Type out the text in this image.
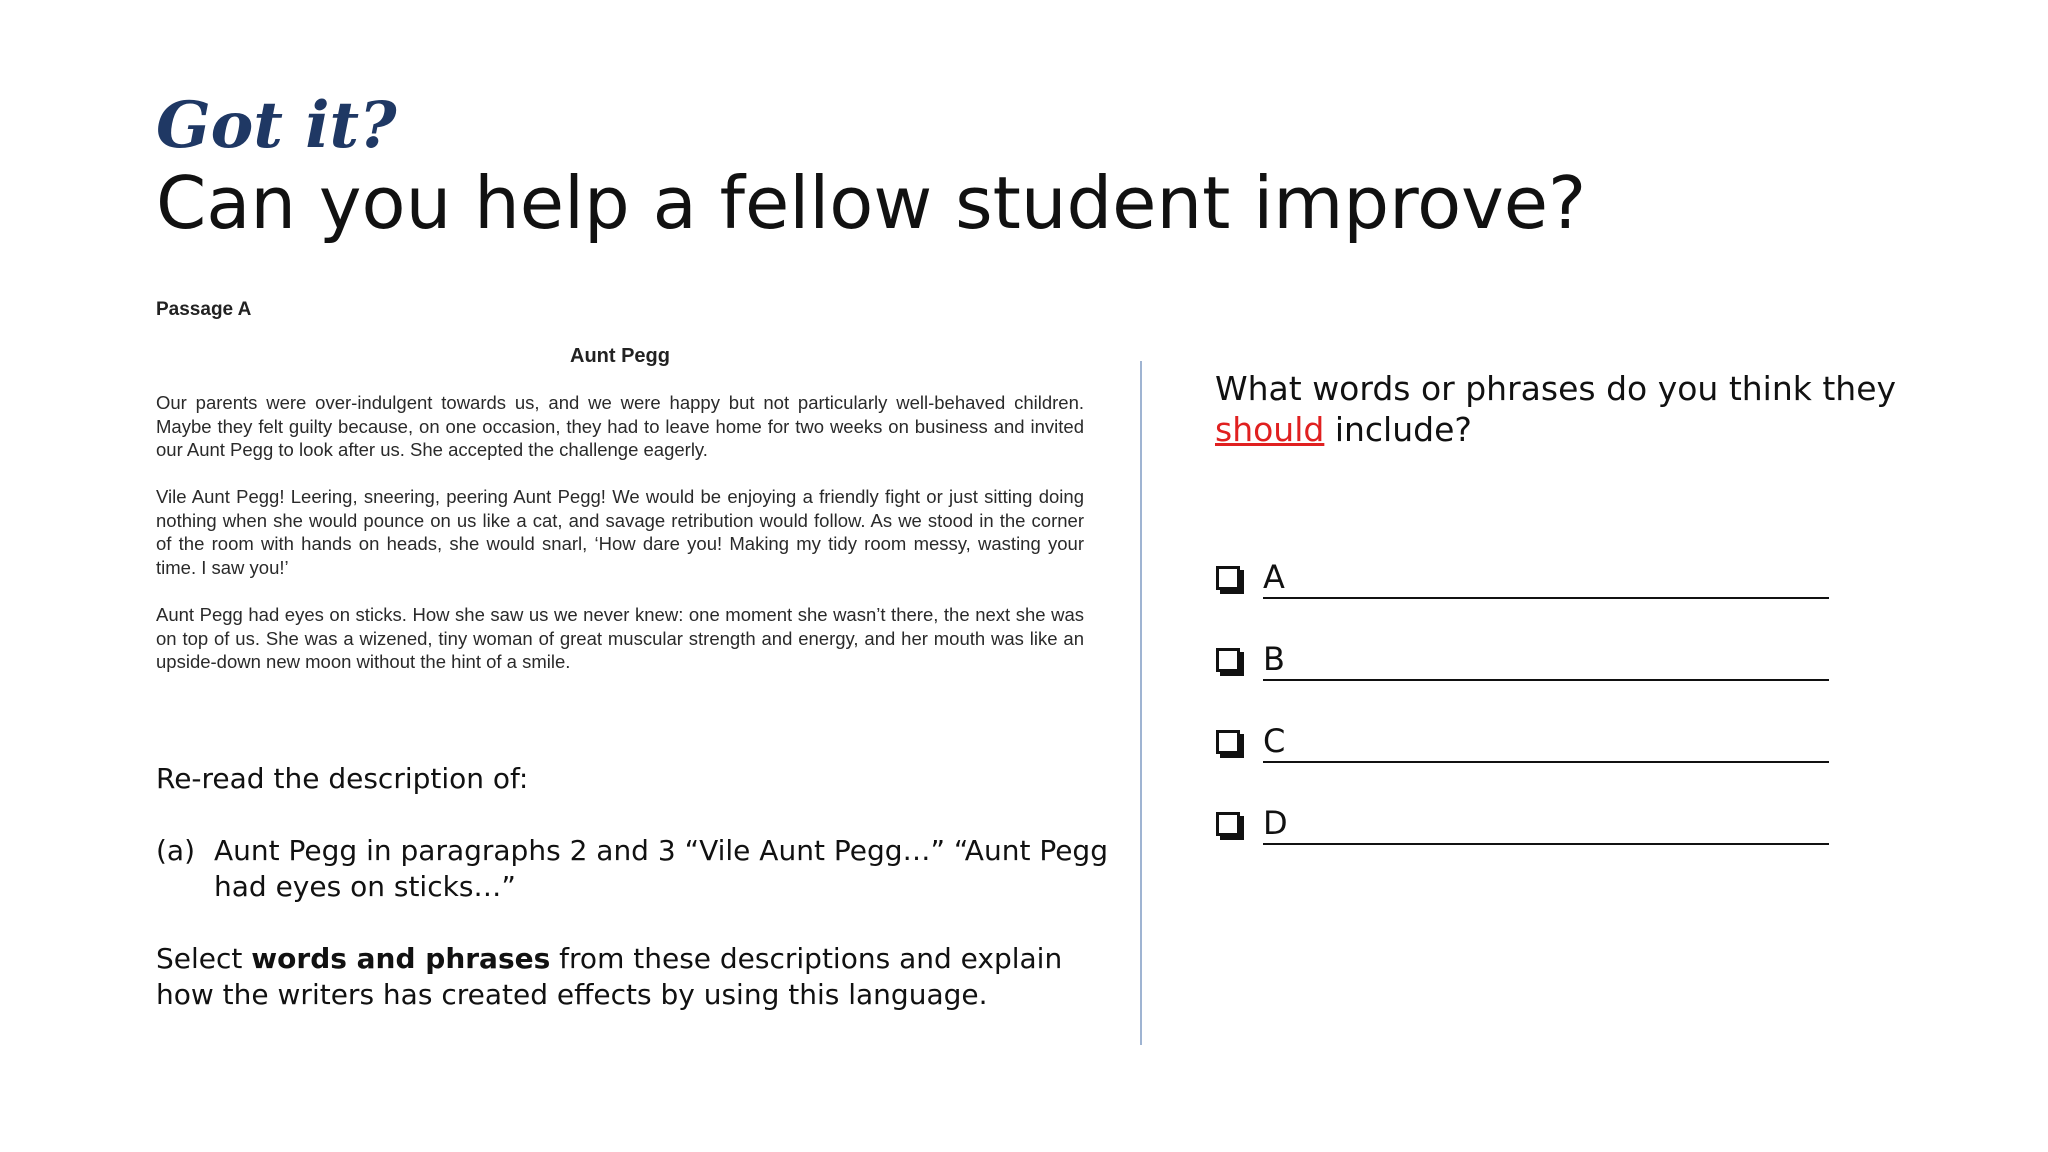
Got it?
Can you help a fellow student improve?
Passage A
Aunt Pegg

Our parents were over-indulgent towards us, and we were happy but not particularly well-behaved children. Maybe they felt guilty because, on one occasion, they had to leave home for two weeks on business and invited our Aunt Pegg to look after us. She accepted the challenge eagerly.

Vile Aunt Pegg! Leering, sneering, peering Aunt Pegg! We would be enjoying a friendly fight or just sitting doing nothing when she would pounce on us like a cat, and savage retribution would follow. As we stood in the corner of the room with hands on heads, she would snarl, ‘How dare you! Making my tidy room messy, wasting your time. I saw you!’

Aunt Pegg had eyes on sticks. How she saw us we never knew: one moment she wasn’t there, the next she was on top of us. She was a wizened, tiny woman of great muscular strength and energy, and her mouth was like an upside-down new moon without the hint of a smile.

Re-read the description of:

(a) Aunt Pegg in paragraphs 2 and 3 “Vile Aunt Pegg…” “Aunt Pegg had eyes on sticks…”

Select words and phrases from these descriptions and explain how the writers has created effects by using this language.

What words or phrases do you think they should include?

A
B
C
D
